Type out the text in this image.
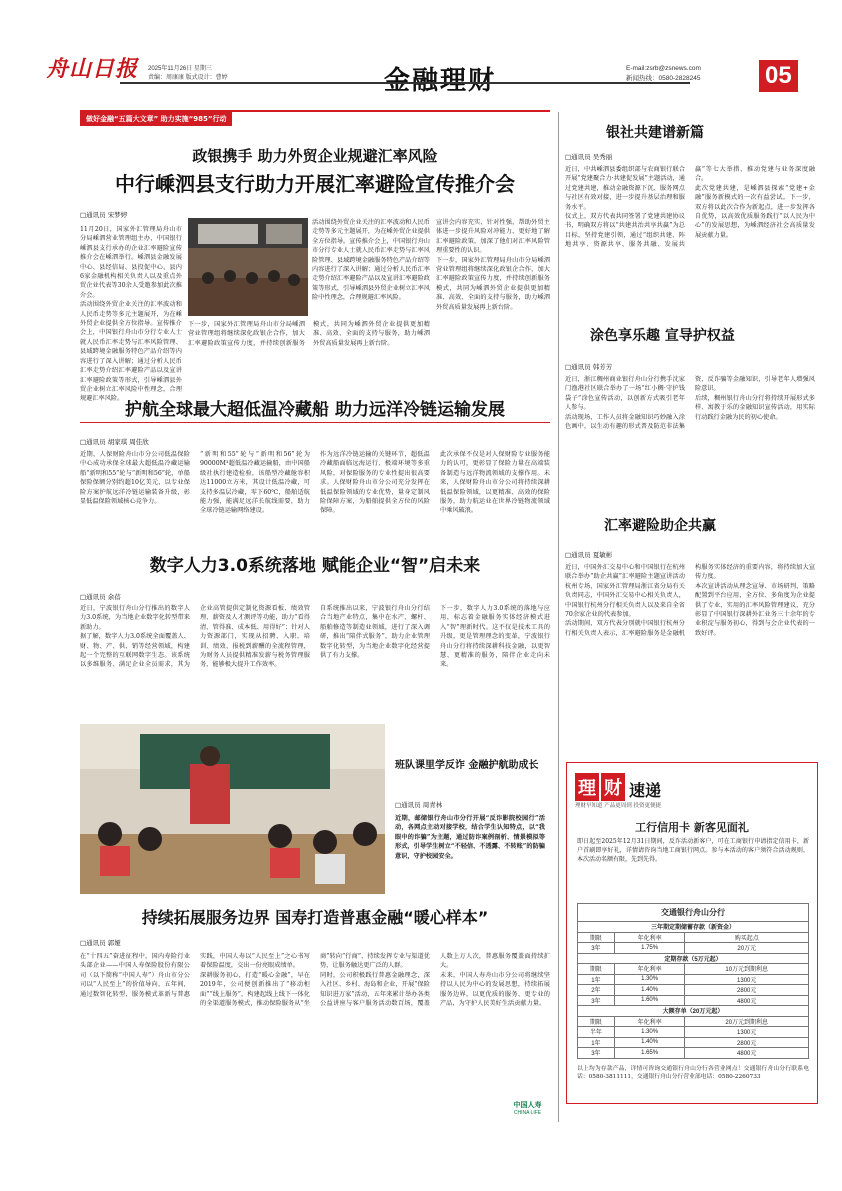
舟山日报 2025年11月26日 星期三
责编：周康康 版式设计：曹婷	金融理财	E-mail:zsrb@zsnews.com
新闻热线：0580-2828245	05
做好金融“五篇大文章” 助力实施“985”行动
政银携手 助力外贸企业规避汇率风险
中行嵊泗县支行助力开展汇率避险宣传推介会
□通讯员 宋梦婷

11月20日，国家外汇管理局舟山市分局嵊泗营业管理组主办，中国银行嵊泗县支行承办的企业汇率避险宣传推介会在嵊泗举行。嵊泗县金融发展中心、县经信局、县投促中心、县内6家金融机构相关负责人以及重点外贸企业代表等30余人受邀参加此次推介会。

活动围绕外贸企业关注的汇率波动和人民币走势等多元主题展开，为在嵊外贸企业提供全方位指导。宣传推介会上，中国银行舟山市分行专业人士就人民币汇率走势与汇率风险管理、县域跨境金融服务特色产品介绍等内容进行了深入讲解；通过分析人民币汇率走势介绍汇率避险产品以及宣讲汇率避险政策等形式，引导嵊泗县外贸企业树立汇率风险中性理念，合理规避汇率风险。

活动围绕外贸企业关注的汇率波动和人民币走势等多元主题展开，为在嵊外贸企业提供全方位指导。宣传推介会上，中国银行舟山市分行专业人士就人民币汇率走势与汇率风险管理、县域跨境金融服务特色产品介绍等内容进行了深入讲解；通过分析人民币汇率走势介绍汇率避险产品以及宣讲汇率避险政策等形式，引导嵊泗县外贸企业树立汇率风险中性理念，合理规避汇率风险。

宣讲会内容充实、针对性强，帮助外贸主体进一步提升风险对冲能力，更好地了解汇率避险政策，加深了他们对汇率风险管理重要性的认识。

下一步，国家外汇管理局舟山市分局嵊泗营业管理组将继续深化政银企合作，加大汇率避险政策宣传力度，并持续创新服务模式，共同为嵊泗外贸企业提供更加精准、高效、全面的支持与服务，助力嵊泗外贸高质量发展再上新台阶。

下一步，国家外汇管理局舟山市分局嵊泗营业管理组将继续深化政银企合作，加大汇率避险政策宣传力度，并持续创新服务模式，共同为嵊泗外贸企业提供更加精准、高效、全面的支持与服务，助力嵊泗外贸高质量发展再上新台阶。

护航全球最大超低温冷藏船 助力远洋冷链运输发展
□通讯员 胡家琪 周佳欣

近期，人保财险舟山市分公司低温保险中心成功承保全球最大超低温冷藏运输船“新明和55”轮与“新明和56”轮，单船保险保额分别约超10亿美元，以专业保险方案护航远洋冷链运输装备升级，彰显低温保险领域核心竞争力。

“新明和55”轮与“新明和56”轮为90000M³超低温冷藏运输船，由中国船级社执行建造检验，该船型冷藏舱容积达11000立方米，其设计低温冷藏，可支持多温层冷藏，零下60℃，船舶适航能力强，能满足远洋长航线需要，助力全球冷链运输网络建设。

作为远洋冷链运输的关键环节，超低温冷藏船面临远海运行、极端环境等多重风险，对保险服务的专业性提出很高要求。人保财险舟山市分公司充分发挥在低温保险领域的专业优势，量身定制风险保障方案，为船舶提供全方位的风险保障。

此次承保不仅是对人保财险专业服务能力的认可，更彰显了保险力量在高端装备制造与远洋物流领域的支撑作用。未来，人保财险舟山市分公司将持续深耕低温保险领域，以更精准、高效的保险服务，助力航运业在世界冷链物流领域中乘风破浪。

数字人力3.0系统落地 赋能企业“智”启未来
□通讯员 余蓓

近日，宁波银行舟山分行推出的数字人力3.0系统，为当地企业数字化转型带来新助力。

据了解，数字人力3.0系统全面覆盖人、财、物、产、供、销等经营领域，构建起一个完整的互联网数字生态。该系统以多维服务、满足企业全员需求，其为企业高管提供定制化资源看板、绩效管理、薪资及人才测评等功能，助力“看得清、管得准、成本低、用得好”；针对人力资源部门，实现从招聘、入职、培训、绩效、报税到薪酬的全流程管理，为财务人员提供精准发薪与税务管理服务，能够极大提升工作效率。

自系统推出以来，宁波银行舟山分行结合当地产业特点，集中在水产、螺杆、船舶修造等制造业领域，进行了深入调研，推出“陪伴式服务”，助力企业管理数字化转型，为当地企业数字化经营提供了有力支撑。

下一步，数字人力3.0系统的落地与应用，标志着金融服务实体经济模式进入“智”理新时代。这不仅是技术工具的升级，更是管理理念的变革，宁波银行舟山分行将持续深耕科技金融，以更智慧、更精准的服务，陪伴企业走向未来。

班队课里学反诈 金融护航助成长
□通讯员 周青林

近期，邮储银行舟山市分行开展“反诈影院校园行”活动，各网点主动对接学校，结合学生认知特点，以“我眼中的诈骗”为主题，通过防诈案例剖析、情景模拟等形式，引导学生树立“不轻信、不透露、不转账”的防骗意识，守护校园安全。

持续拓展服务边界 国寿打造普惠金融“暖心样本”
□通讯员 郭娅

在“十四五”奋进征程中，国内寿险行业头部企业——中国人寿保险股份有限公司（以下简称“中国人寿”）舟山市分公司以“人民至上”的价值导向，五年间，通过数智化转型、服务模式革新与普惠实践，中国人寿以“人民至上”之心书写着保险温度，交出一份亮眼成绩单。

深耕服务初心，打造“暖心金融”，早在2019年，公司便创新推出了“移动柜面”“线上服务”，构建起线上线下一体化的全渠道服务模式，推动保险服务从“坐商”转向“行商”，持续发挥专业与渠道优势，让服务触达更广泛的人群。

同时，公司积极践行普惠金融理念，深入社区、乡村、海岛和企业，开展“保险知识进万家”活动，五年来累计举办各类公益讲座与客户服务活动数百场，覆盖人数上万人次，普惠服务覆盖面持续扩大。

未来，中国人寿舟山市分公司将继续坚持以人民为中心的发展思想，持续拓展服务边界，以更优质的服务、更专业的产品，为守护人民美好生活贡献力量。

中国人寿
CHINA LIFE
银社共建谱新篇
□通讯员 吴秀丽

近日，中共嵊泗县委组织部与农商银行联合开展“党建聚合力·共建促发展”主题活动，通过党建共建，推动金融资源下沉、服务网点与社区有效对接，进一步提升基层治理和服务水平。

仪式上，双方代表共同签署了党建共建协议书，明确双方将以“共建共治共享共赢”为总目标，坚持党建引领，通过“组织共建、阵地共享、资源共享、服务共融、发展共赢”等七大举措，推动党建与业务深度融合。

此次党建共建，是嵊泗县探索“党建+金融”服务新模式的一次有益尝试。下一步，双方将以此次合作为新起点，进一步发挥各自优势，以高效优质服务践行“以人民为中心”的发展思想，为嵊泗经济社会高质量发展贡献力量。

涂色享乐趣 宣导护权益
□通讯员 韩芳芳

近日，浙江稠州商业银行舟山分行携手沈家门渔港社区联合举办了一场“红小稠·守护钱袋子”涂色宣传活动，以创新方式吸引老年人参与。

活动现场，工作人员将金融知识巧妙融入涂色画中，以生动有趣的形式普及防范非法集资、反诈骗等金融知识，引导老年人增强风险意识。

后续，稠州银行舟山分行将持续开展形式多样、寓教于乐的金融知识宣传活动，用实际行动践行金融为民的初心使命。

汇率避险助企共赢
□通讯员 夏敏彬

近日，中国外汇交易中心和中国银行在杭州联合举办“助企共赢”汇率避险主题宣讲活动杭州专场，国家外汇管理局浙江省分局有关负责同志，中国外汇交易中心相关负责人，中国银行杭州分行相关负责人以及来自全省70余家企业的代表参加。

活动期间，双方代表分别就中国银行杭州分行相关负责人表示，汇率避险服务是金融机构服务实体经济的重要内容，将持续加大宣传力度。

本次宣讲活动从理念宣导、市场研判、策略配置到平台应用，全方位、多角度为企业提供了专业、实用的汇率风险管理建议，充分彰显了中国银行深耕外汇业务三十余年的专业积淀与服务初心，得到与会企业代表的一致好评。

理 财 速递
理财早知道 产品更周到 投资更便捷
工行信用卡 新客见面礼
即日起至2025年12月31日期间，反诈活动新客户，可在工商银行申请指定信用卡，新户首刷即享好礼，详情请咨询当地工商银行网点。参与本活动的客户须符合活动规则，本次活动名额有限，先到先得。
交通银行舟山分行
三年期定期储蓄存款（新资金）		
期限	年化利率	购买起点
3年	1.75%	20万元
定期存款（5万元起）		
期限	年化利率	10万元到期利息
1年	1.30%	1300元
2年	1.40%	2800元
3年	1.60%	4800元
大额存单（20万元起）		
期限	年化利率	20万元到期利息
半年	1.30%	1300元
1年	1.40%	2800元
3年	1.65%	4800元
以上均为存款产品，详情可咨询交通银行舟山分行各营业网点！交通银行舟山分行联系电话：0580-3811111，交通银行舟山分行营业部电话：0580-2260733
